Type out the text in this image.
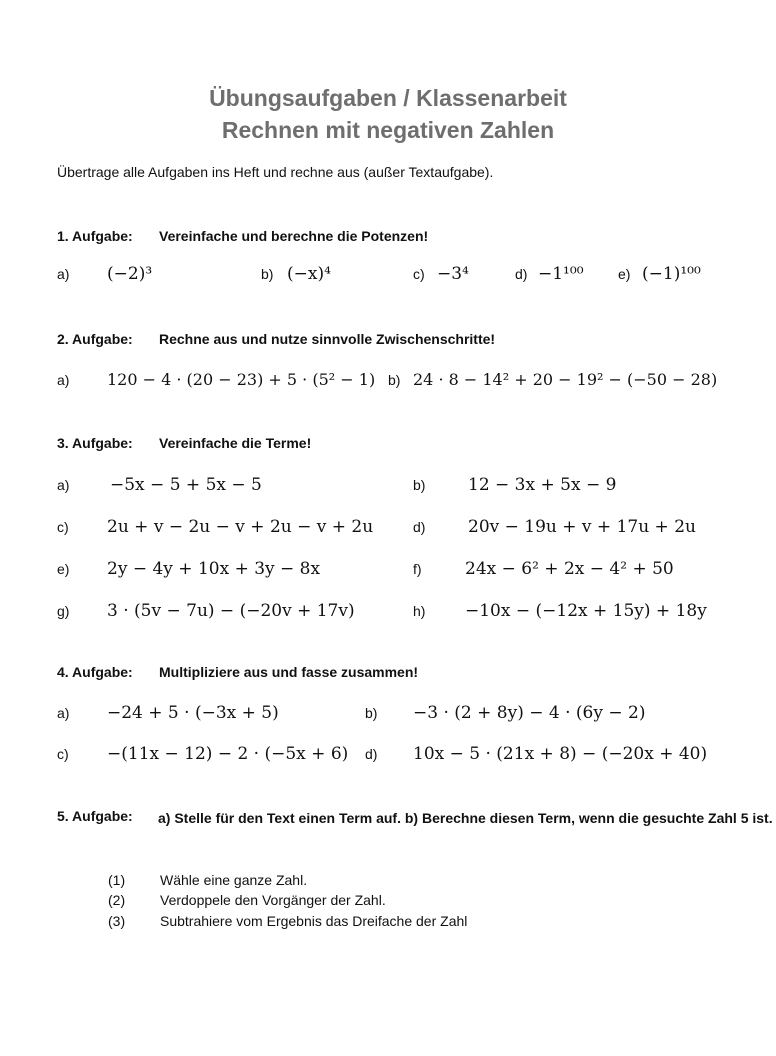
Übungsaufgaben / Klassenarbeit
Rechnen mit negativen Zahlen
Übertrage alle Aufgaben ins Heft und rechne aus (außer Textaufgabe).
1. Aufgabe: Vereinfache und berechne die Potenzen!
a) (−2)³	b) (−x)⁴	c) −3⁴	d) −1¹⁰⁰ e) (−1)¹⁰⁰
2. Aufgabe: Rechne aus und nutze sinnvolle Zwischenschritte!
a) 120 − 4 · (20 − 23) + 5 · (5² − 1) b) 24 · 8 − 14² + 20 − 19² − (−50 − 28)
3. Aufgabe: Vereinfache die Terme!
a) −5x − 5 + 5x − 5	b)	12 − 3x + 5x − 9
c) 2u + v − 2u − v + 2u − v + 2u	d)	20v − 19u + v + 17u + 2u
e) 2y − 4y + 10x + 3y − 8x	f)	24x − 6² + 2x − 4² + 50
g) 3 · (5v − 7u) − (−20v + 17v)	h) −10x − (−12x + 15y) + 18y
4. Aufgabe: Multipliziere aus und fasse zusammen!
a) −24 + 5 · (−3x + 5)	b) −3 · (2 + 8y) − 4 · (6y − 2)
c) −(11x − 12) − 2 · (−5x + 6) d) 10x − 5 · (21x + 8) − (−20x + 40)
5. Aufgabe: a) Stelle für den Text einen Term auf. b) Berechne diesen Term, wenn die gesuchte Zahl 5 ist.
(1) Wähle eine ganze Zahl.
(2) Verdoppele den Vorgänger der Zahl.
(3) Subtrahiere vom Ergebnis das Dreifache der Zahl
